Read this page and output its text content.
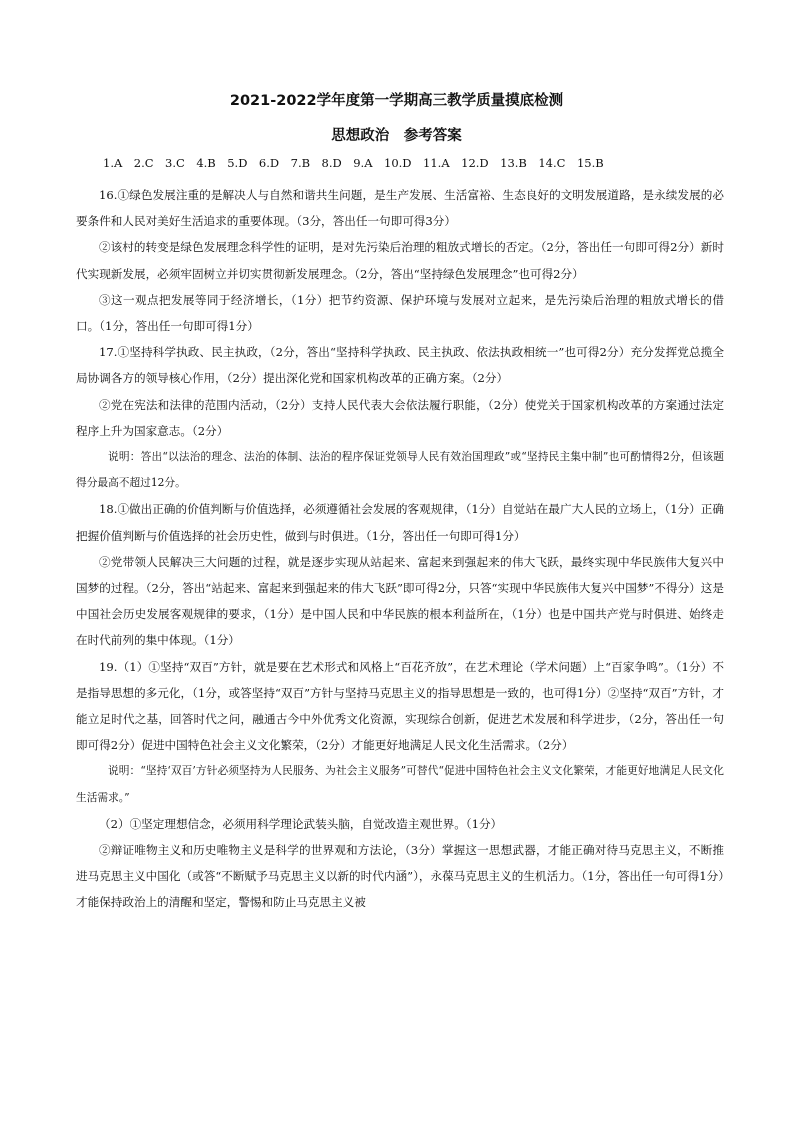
2021-2022学年度第一学期高三教学质量摸底检测
思想政治　参考答案
1.A　2.C　3.C　4.B　5.D　6.D　7.B　8.D　9.A　10.D　11.A　12.D　13.B　14.C　15.B

16.①绿色发展注重的是解决人与自然和谐共生问题，是生产发展、生活富裕、生态良好的文明发展道路，是永续发展的必要条件和人民对美好生活追求的重要体现。（3分，答出任一句即可得3分）

②该村的转变是绿色发展理念科学性的证明，是对先污染后治理的粗放式增长的否定。（2分，答出任一句即可得2分）新时代实现新发展，必须牢固树立并切实贯彻新发展理念。（2分，答出“坚持绿色发展理念”也可得2分）

③这一观点把发展等同于经济增长，（1分）把节约资源、保护环境与发展对立起来，是先污染后治理的粗放式增长的借口。（1分，答出任一句即可得1分）

17.①坚持科学执政、民主执政，（2分，答出“坚持科学执政、民主执政、依法执政相统一”也可得2分）充分发挥党总揽全局协调各方的领导核心作用，（2分）提出深化党和国家机构改革的正确方案。（2分）

②党在宪法和法律的范围内活动，（2分）支持人民代表大会依法履行职能，（2分）使党关于国家机构改革的方案通过法定程序上升为国家意志。（2分）

说明：答出“以法治的理念、法治的体制、法治的程序保证党领导人民有效治国理政”或“坚持民主集中制”也可酌情得2分，但该题得分最高不超过12分。

18.①做出正确的价值判断与价值选择，必须遵循社会发展的客观规律，（1分）自觉站在最广大人民的立场上，（1分）正确把握价值判断与价值选择的社会历史性，做到与时俱进。（1分，答出任一句即可得1分）

②党带领人民解决三大问题的过程，就是逐步实现从站起来、富起来到强起来的伟大飞跃，最终实现中华民族伟大复兴中国梦的过程。（2分，答出“站起来、富起来到强起来的伟大飞跃”即可得2分，只答“实现中华民族伟大复兴中国梦”不得分）这是中国社会历史发展客观规律的要求，（1分）是中国人民和中华民族的根本利益所在，（1分）也是中国共产党与时俱进、始终走在时代前列的集中体现。（1分）

19.（1）①坚持“双百”方针，就是要在艺术形式和风格上“百花齐放”，在艺术理论（学术问题）上“百家争鸣”。（1分）不是指导思想的多元化，（1分，或答坚持“双百”方针与坚持马克思主义的指导思想是一致的，也可得1分）②坚持“双百”方针，才能立足时代之基，回答时代之问，融通古今中外优秀文化资源，实现综合创新，促进艺术发展和科学进步，（2分，答出任一句即可得2分）促进中国特色社会主义文化繁荣，（2分）才能更好地满足人民文化生活需求。（2分）

说明：“坚持‘双百’方针必须坚持为人民服务、为社会主义服务”可替代“促进中国特色社会主义文化繁荣，才能更好地满足人民文化生活需求。”

（2）①坚定理想信念，必须用科学理论武装头脑，自觉改造主观世界。（1分）

②辩证唯物主义和历史唯物主义是科学的世界观和方法论，（3分）掌握这一思想武器，才能正确对待马克思主义，不断推进马克思主义中国化（或答“不断赋予马克思主义以新的时代内涵”），永葆马克思主义的生机活力。（1分，答出任一句可得1分）才能保持政治上的清醒和坚定，警惕和防止马克思主义被
